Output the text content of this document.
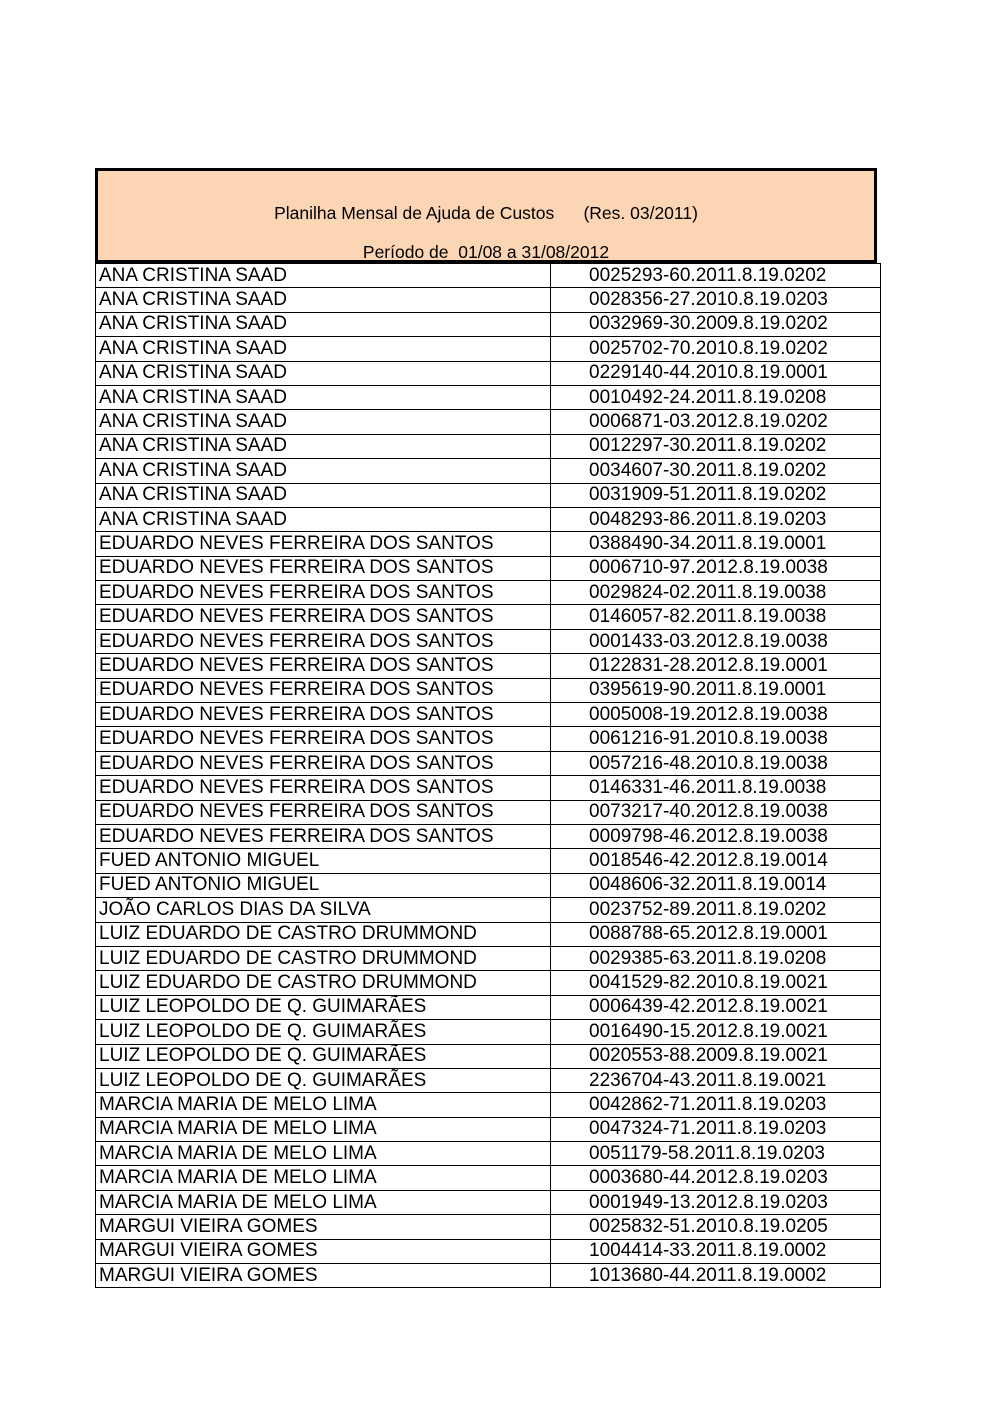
Planilha Mensal de Ajuda de Custos      (Res. 03/2011)
Período de  01/08 a 31/08/2012
ANA CRISTINA SAAD	0025293-60.2011.8.19.0202
ANA CRISTINA SAAD	0028356-27.2010.8.19.0203
ANA CRISTINA SAAD	0032969-30.2009.8.19.0202
ANA CRISTINA SAAD	0025702-70.2010.8.19.0202
ANA CRISTINA SAAD	0229140-44.2010.8.19.0001
ANA CRISTINA SAAD	0010492-24.2011.8.19.0208
ANA CRISTINA SAAD	0006871-03.2012.8.19.0202
ANA CRISTINA SAAD	0012297-30.2011.8.19.0202
ANA CRISTINA SAAD	0034607-30.2011.8.19.0202
ANA CRISTINA SAAD	0031909-51.2011.8.19.0202
ANA CRISTINA SAAD	0048293-86.2011.8.19.0203
EDUARDO NEVES FERREIRA DOS SANTOS	0388490-34.2011.8.19.0001
EDUARDO NEVES FERREIRA DOS SANTOS	0006710-97.2012.8.19.0038
EDUARDO NEVES FERREIRA DOS SANTOS	0029824-02.2011.8.19.0038
EDUARDO NEVES FERREIRA DOS SANTOS	0146057-82.2011.8.19.0038
EDUARDO NEVES FERREIRA DOS SANTOS	0001433-03.2012.8.19.0038
EDUARDO NEVES FERREIRA DOS SANTOS	0122831-28.2012.8.19.0001
EDUARDO NEVES FERREIRA DOS SANTOS	0395619-90.2011.8.19.0001
EDUARDO NEVES FERREIRA DOS SANTOS	0005008-19.2012.8.19.0038
EDUARDO NEVES FERREIRA DOS SANTOS	0061216-91.2010.8.19.0038
EDUARDO NEVES FERREIRA DOS SANTOS	0057216-48.2010.8.19.0038
EDUARDO NEVES FERREIRA DOS SANTOS	0146331-46.2011.8.19.0038
EDUARDO NEVES FERREIRA DOS SANTOS	0073217-40.2012.8.19.0038
EDUARDO NEVES FERREIRA DOS SANTOS	0009798-46.2012.8.19.0038
FUED ANTONIO MIGUEL	0018546-42.2012.8.19.0014
FUED ANTONIO MIGUEL	0048606-32.2011.8.19.0014
JOÃO CARLOS DIAS DA SILVA	0023752-89.2011.8.19.0202
LUIZ EDUARDO DE CASTRO DRUMMOND	0088788-65.2012.8.19.0001
LUIZ EDUARDO DE CASTRO DRUMMOND	0029385-63.2011.8.19.0208
LUIZ EDUARDO DE CASTRO DRUMMOND	0041529-82.2010.8.19.0021
LUIZ LEOPOLDO DE Q. GUIMARÃES	0006439-42.2012.8.19.0021
LUIZ LEOPOLDO DE Q. GUIMARÃES	0016490-15.2012.8.19.0021
LUIZ LEOPOLDO DE Q. GUIMARÃES	0020553-88.2009.8.19.0021
LUIZ LEOPOLDO DE Q. GUIMARÃES	2236704-43.2011.8.19.0021
MARCIA MARIA DE MELO LIMA	0042862-71.2011.8.19.0203
MARCIA MARIA DE MELO LIMA	0047324-71.2011.8.19.0203
MARCIA MARIA DE MELO LIMA	0051179-58.2011.8.19.0203
MARCIA MARIA DE MELO LIMA	0003680-44.2012.8.19.0203
MARCIA MARIA DE MELO LIMA	0001949-13.2012.8.19.0203
MARGUI VIEIRA GOMES	0025832-51.2010.8.19.0205
MARGUI VIEIRA GOMES	1004414-33.2011.8.19.0002
MARGUI VIEIRA GOMES	1013680-44.2011.8.19.0002
